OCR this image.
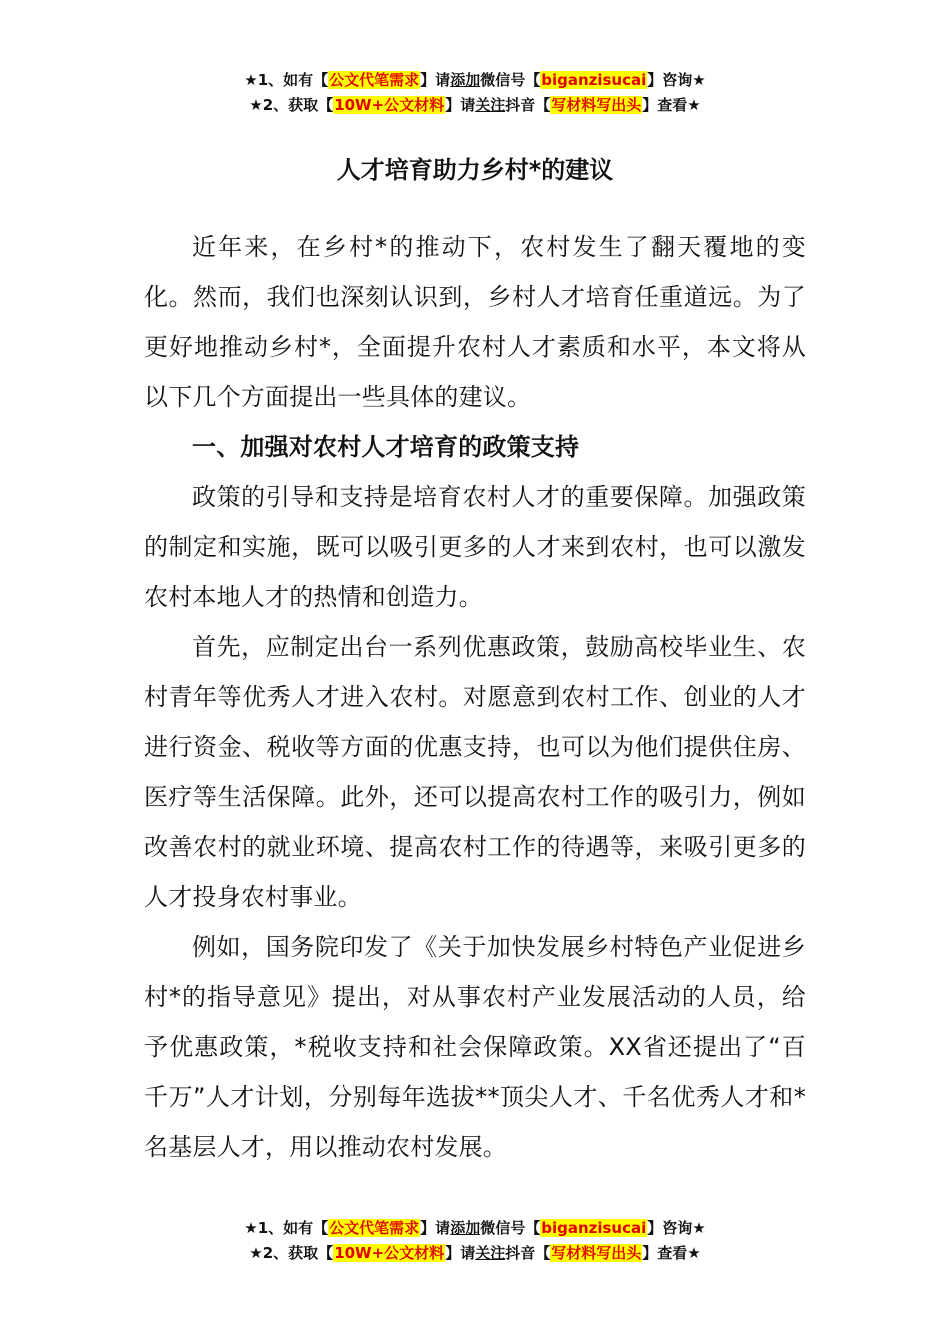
★1、如有【公文代笔需求】请添加微信号【biganzisucai】咨询★
★2、获取【10W+公文材料】请关注抖音【写材料写出头】查看★
人才培育助力乡村*的建议

近年来，在乡村*的推动下，农村发生了翻天覆地的变化。然而，我们也深刻认识到，乡村人才培育任重道远。为了更好地推动乡村*，全面提升农村人才素质和水平，本文将从以下几个方面提出一些具体的建议。

一、加强对农村人才培育的政策支持

政策的引导和支持是培育农村人才的重要保障。加强政策的制定和实施，既可以吸引更多的人才来到农村，也可以激发农村本地人才的热情和创造力。

首先，应制定出台一系列优惠政策，鼓励高校毕业生、农村青年等优秀人才进入农村。对愿意到农村工作、创业的人才进行资金、税收等方面的优惠支持，也可以为他们提供住房、医疗等生活保障。此外，还可以提高农村工作的吸引力，例如改善农村的就业环境、提高农村工作的待遇等，来吸引更多的人才投身农村事业。

例如，国务院印发了《关于加快发展乡村特色产业促进乡村*的指导意见》提出，对从事农村产业发展活动的人员，给予优惠政策，*税收支持和社会保障政策。XX省还提出了“百千万”人才计划，分别每年选拔**顶尖人才、千名优秀人才和*名基层人才，用以推动农村发展。

★1、如有【公文代笔需求】请添加微信号【biganzisucai】咨询★
★2、获取【10W+公文材料】请关注抖音【写材料写出头】查看★
